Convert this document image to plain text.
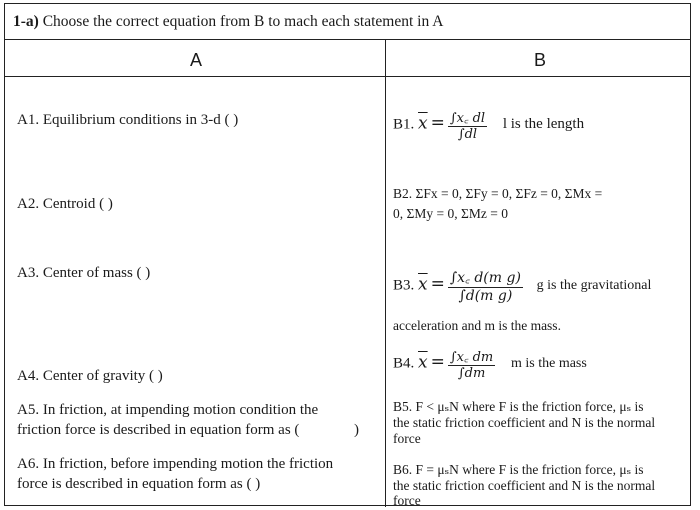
1-a) Choose the correct equation from B to mach each statement in A
A	B
A1. Equilibrium conditions in 3-d ( )
A2. Centroid ( )
A3. Center of mass ( )
A4. Center of gravity ( )
A5. In friction, at impending motion condition the
friction force is described in equation form as (	)
A6. In friction, before impending motion the friction
force is described in equation form as ( )
B1. $\overline{x} = \frac{\int x꜀ dl}{\int dl}$ l is the length
B2. ΣFx = 0, ΣFy = 0, ΣFz = 0, ΣMx =
0, ΣMy = 0, ΣMz = 0
B3. $\overline{x} = \frac{\text{∫x꜀ d(m g)}}{\text{∫d(m g)}}$ g is the gravitational
acceleration and m is the mass.
B4. $\overline{x} = \frac{\int x꜀ dm}{\int dm}$ m is the mass
B5. F < μₛN where F is the friction force, μₛ is
the static friction coefficient and N is the normal
force
B6. F = μₛN where F is the friction force, μₛ is
the static friction coefficient and N is the normal
force
